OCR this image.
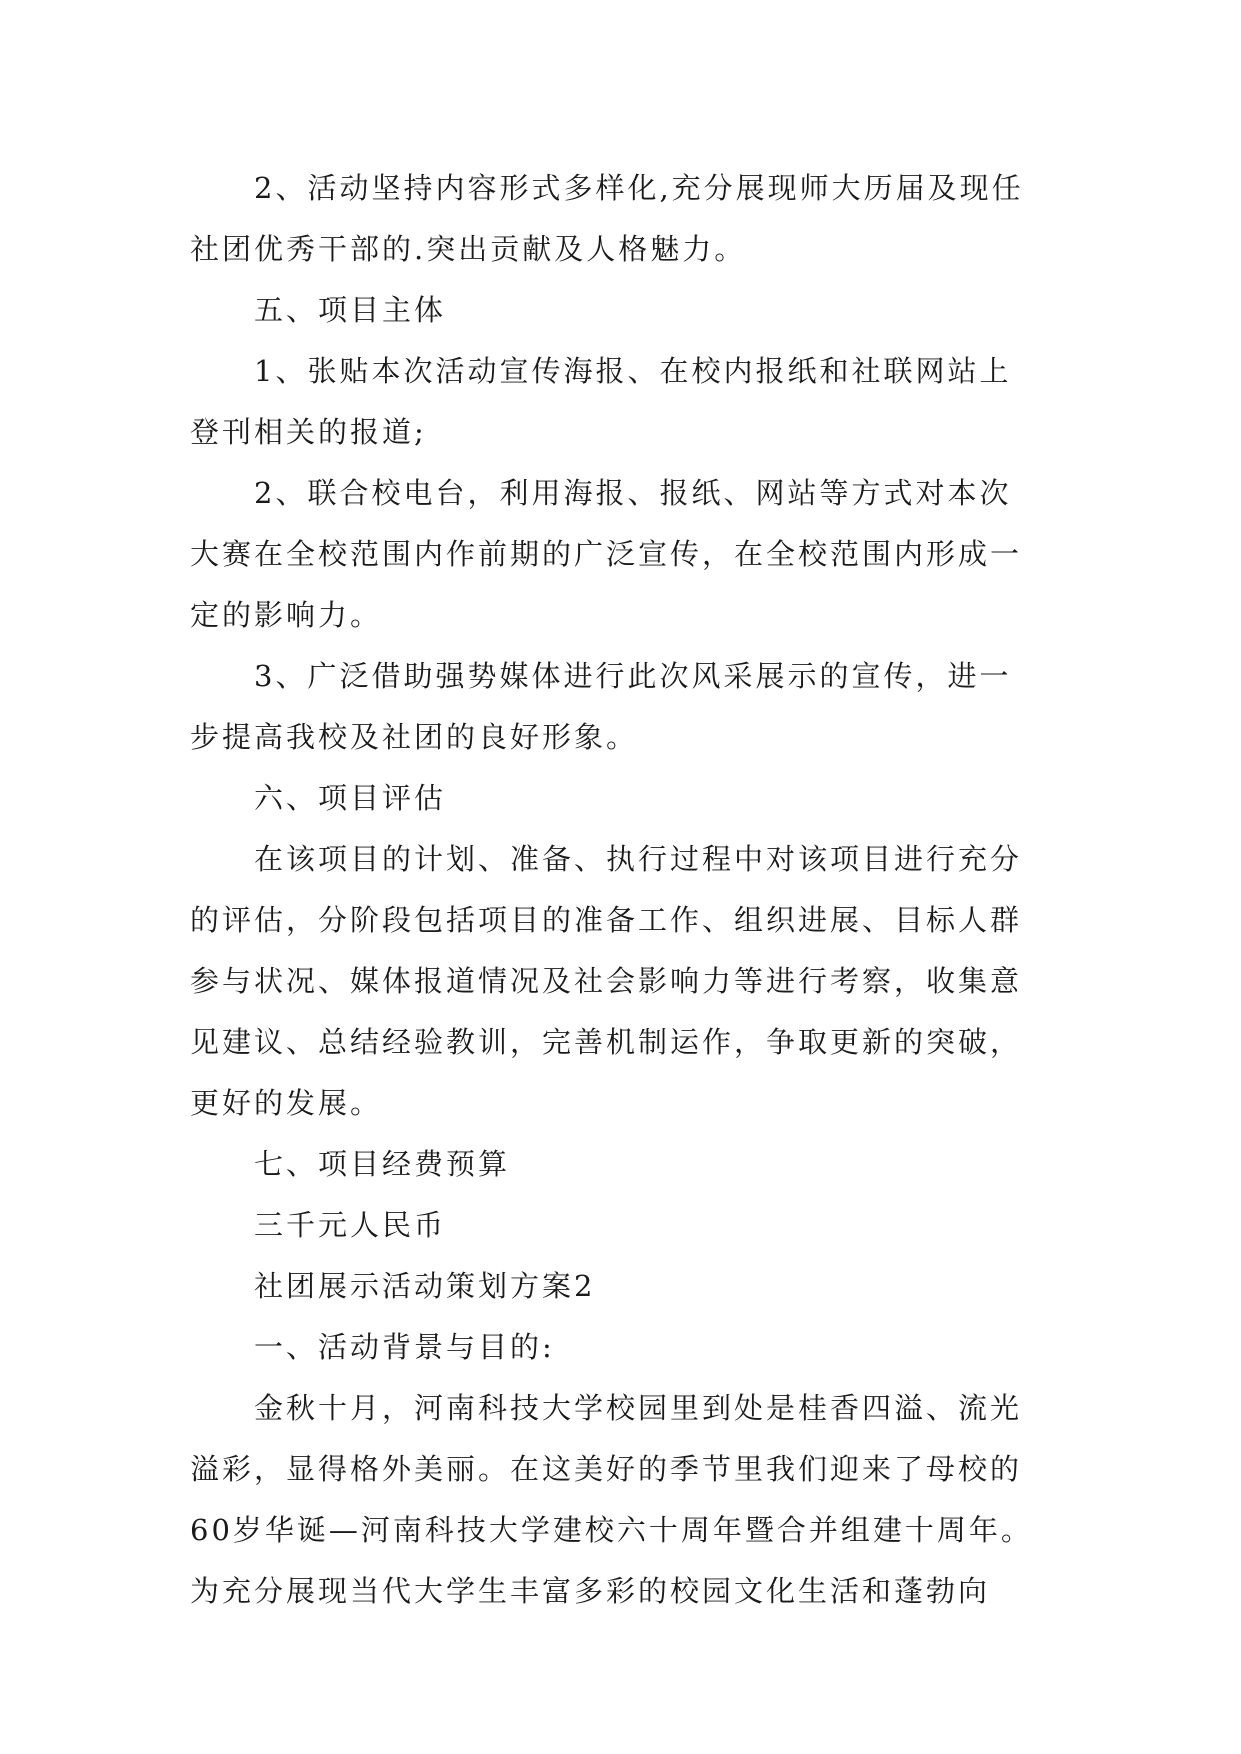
2、活动坚持内容形式多样化,充分展现师大历届及现任
社团优秀干部的.突出贡献及人格魅力。
五、项目主体
1、张贴本次活动宣传海报、在校内报纸和社联网站上
登刊相关的报道;
2、联合校电台，利用海报、报纸、网站等方式对本次
大赛在全校范围内作前期的广泛宣传，在全校范围内形成一
定的影响力。
3、广泛借助强势媒体进行此次风采展示的宣传，进一
步提高我校及社团的良好形象。
六、项目评估
在该项目的计划、准备、执行过程中对该项目进行充分
的评估，分阶段包括项目的准备工作、组织进展、目标人群
参与状况、媒体报道情况及社会影响力等进行考察，收集意
见建议、总结经验教训，完善机制运作，争取更新的突破，
更好的发展。
七、项目经费预算
三千元人民币
社团展示活动策划方案2
一、活动背景与目的:
金秋十月，河南科技大学校园里到处是桂香四溢、流光
溢彩，显得格外美丽。在这美好的季节里我们迎来了母校的
60岁华诞—河南科技大学建校六十周年暨合并组建十周年。
为充分展现当代大学生丰富多彩的校园文化生活和蓬勃向
